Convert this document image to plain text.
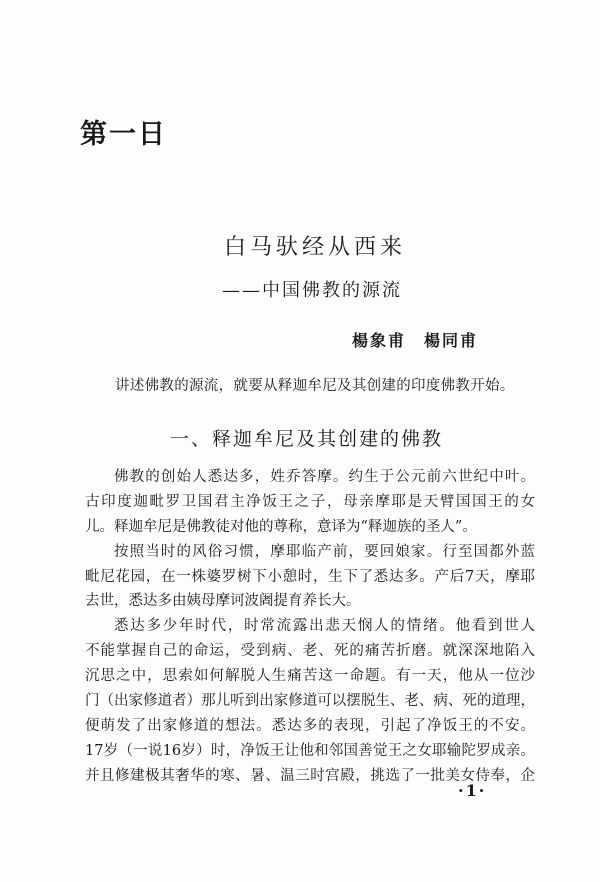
第一日
白马驮经从西来
——中国佛教的源流
楊象甫　楊同甫
讲述佛教的源流，就要从释迦牟尼及其创建的印度佛教开始。
一、释迦牟尼及其创建的佛教
佛教的创始人悉达多，姓乔答摩。约生于公元前六世纪中叶。
古印度迦毗罗卫国君主净饭王之子，母亲摩耶是天臂国国王的女
儿。释迦牟尼是佛教徒对他的尊称，意译为“释迦族的圣人”。
按照当时的风俗习惯，摩耶临产前，要回娘家。行至国都外蓝
毗尼花园，在一株婆罗树下小憩时，生下了悉达多。产后7天，摩耶
去世，悉达多由姨母摩诃波阇提育养长大。
悉达多少年时代，时常流露出悲天悯人的情绪。他看到世人
不能掌握自己的命运，受到病、老、死的痛苦折磨。就深深地陷入
沉思之中，思索如何解脱人生痛苦这一命题。有一天，他从一位沙
门（出家修道者）那儿听到出家修道可以摆脱生、老、病、死的道理，
便萌发了出家修道的想法。悉达多的表现，引起了净饭王的不安。
17岁（一说16岁）时，净饭王让他和邻国善觉王之女耶输陀罗成亲。
并且修建极其奢华的寒、暑、温三时宫殿，挑选了一批美女侍奉，企
·1·
